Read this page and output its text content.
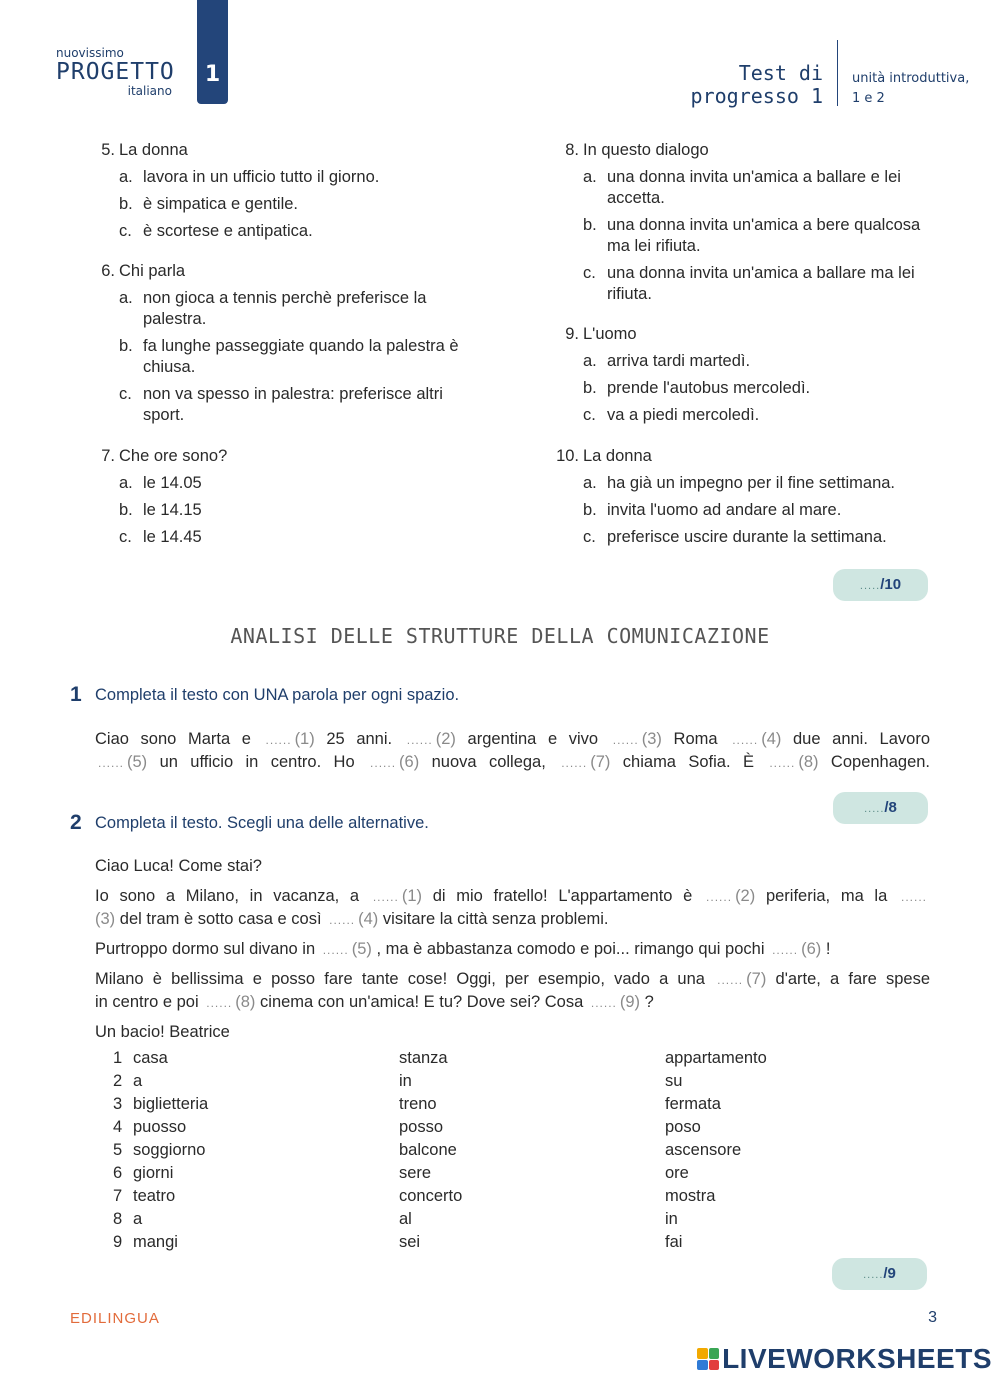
nuovissimo
PROGETTO
italiano
1	Test di
progresso 1
unità introduttiva,
1 e 2
5. La donna
a. lavora in un ufficio tutto il giorno.
b. è simpatica e gentile.
c. è scortese e antipatica.
6. Chi parla
a. non gioca a tennis perchè preferisce la palestra.
b. fa lunghe passeggiate quando la palestra è chiusa.
c. non va spesso in palestra: preferisce altri sport.
7. Che ore sono?
a. le 14.05
b. le 14.15
c. le 14.45
8. In questo dialogo
a. una donna invita un'amica a ballare e lei accetta.
b. una donna invita un'amica a bere qualcosa ma lei rifiuta.
c. una donna invita un'amica a ballare ma lei rifiuta.
9. L'uomo
a. arriva tardi martedì.
b. prende l'autobus mercoledì.
c. va a piedi mercoledì.
10. La donna
a. ha già un impegno per il fine settimana.
b. invita l'uomo ad andare al mare.
c. preferisce uscire durante la settimana.
...../10
ANALISI DELLE STRUTTURE DELLA COMUNICAZIONE
1 Completa il testo con UNA parola per ogni spazio.
Ciao sono Marta e ...... (1) 25 anni. ...... (2) argentina e vivo ...... (3) Roma ...... (4) due anni. Lavoro
...... (5) un ufficio in centro. Ho ...... (6) nuova collega, ...... (7) chiama Sofia. È ...... (8) Copenhagen.
...../8
2 Completa il testo. Scegli una delle alternative.
Ciao Luca! Come stai?
Io sono a Milano, in vacanza, a ...... (1) di mio fratello! L'appartamento è ...... (2) periferia, ma la ......
(3) del tram è sotto casa e così ...... (4) visitare la città senza problemi.
Purtroppo dormo sul divano in ...... (5) , ma è abbastanza comodo e poi... rimango qui pochi ...... (6) !
Milano è bellissima e posso fare tante cose! Oggi, per esempio, vado a una ...... (7) d'arte, a fare spese
in centro e poi ...... (8) cinema con un'amica! E tu? Dove sei? Cosa ...... (9) ?
Un bacio! Beatrice
1	casa	stanza	appartamento
2	a	in	su
3	biglietteria	treno	fermata
4	puosso	posso	poso
5	soggiorno	balcone	ascensore
6	giorni	sere	ore
7	teatro	concerto	mostra
8	a	al	in
9	mangi	sei	fai
...../9
EDILINGUA	3
LIVEWORKSHEETS
